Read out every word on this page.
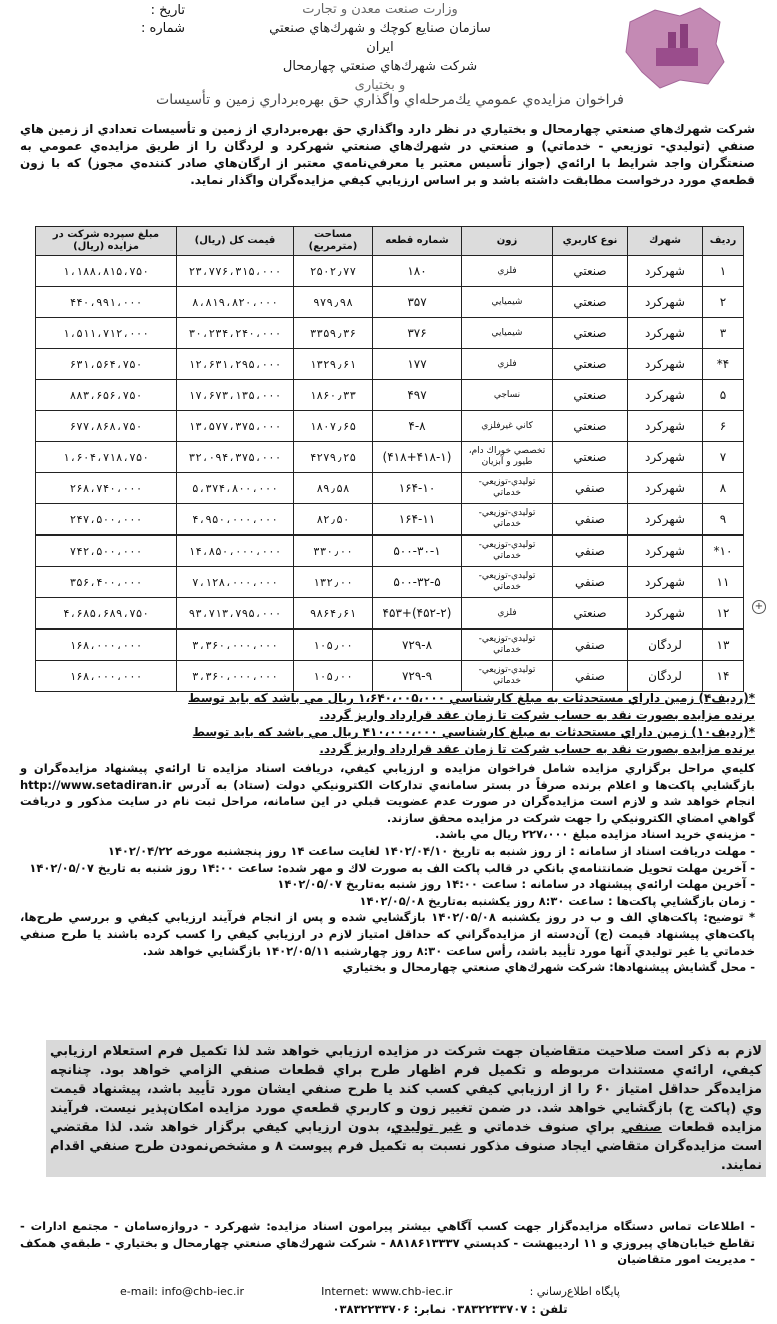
تاریخ :
شماره :
وزارت صنعت معدن و تجارت
سازمان صنایع کوچك و شهرك‌هاي صنعتي
ایران
شركت شهرك‌هاي صنعتي چهارمحال
و بختیاری
فراخوان مزايده‌ي عمومي يك‌مرحله‌اي واگذاري حق بهره‌برداري زمين و تأسيسات
شركت شهرك‌هاي صنعتي چهارمحال و بختياري در نظر دارد واگذاري حق بهره‌برداري از زمين و تأسيسات تعدادي از زمين هاي صنفي (توليدي- توزيعي - خدماتي) و صنعتي در شهرك‌هاي صنعتي شهركرد و لردگان را از طريق مزايده‌ي عمومي به صنعتگران واجد شرايط با ارائه‌ي (جواز تأسيس معتبر يا معرفي‌نامه‌ي معتبر از ارگان‌هاي صادر كننده‌ي مجوز) كه با زون قطعه‌ي مورد درخواست مطابقت داشته باشد و بر اساس ارزيابي كيفي مزايده‌گران واگذار نمايد.
رديف	شهرك	نوع كاربري	زون	شماره قطعه	مساحت (مترمربع)	قيمت كل (ریال)	مبلغ سپرده شركت در مزايده (ریال)
۱	شهركرد	صنعتي	فلزي	۱۸۰	۲۵۰۲٫۷۷	۲۳،۷۷۶،۳۱۵،۰۰۰	۱،۱۸۸،۸۱۵،۷۵۰
۲	شهركرد	صنعتي	شيميايي	۳۵۷	۹۷۹٫۹۸	۸،۸۱۹،۸۲۰،۰۰۰	۴۴۰،۹۹۱،۰۰۰
۳	شهركرد	صنعتي	شيميايي	۳۷۶	۳۳۵۹٫۳۶	۳۰،۲۳۴،۲۴۰،۰۰۰	۱،۵۱۱،۷۱۲،۰۰۰
۴*	شهركرد	صنعتي	فلزي	۱۷۷	۱۳۲۹٫۶۱	۱۲،۶۳۱،۲۹۵،۰۰۰	۶۳۱،۵۶۴،۷۵۰
۵	شهركرد	صنعتي	نساجي	۴۹۷	۱۸۶۰٫۳۳	۱۷،۶۷۳،۱۳۵،۰۰۰	۸۸۳،۶۵۶،۷۵۰
۶	شهركرد	صنعتي	كاني غيرفلزي	۴-۸	۱۸۰۷٫۶۵	۱۳،۵۷۷،۳۷۵،۰۰۰	۶۷۷،۸۶۸،۷۵۰
۷	شهركرد	صنعتي	تخصصي خوراك دام، طيور و آبزيان	(۴۱۸+۴۱۸-۱)	۴۲۷۹٫۲۵	۳۲،۰۹۴،۳۷۵،۰۰۰	۱،۶۰۴،۷۱۸،۷۵۰
۸	شهركرد	صنفي	توليدي-توزيعي- خدماتي	۱۶۴-۱۰	۸۹٫۵۸	۵،۳۷۴،۸۰۰،۰۰۰	۲۶۸،۷۴۰،۰۰۰
۹	شهركرد	صنفي	توليدي-توزيعي- خدماتي	۱۶۴-۱۱	۸۲٫۵۰	۴،۹۵۰،۰۰۰،۰۰۰	۲۴۷،۵۰۰،۰۰۰
۱۰*	شهركرد	صنفي	توليدي-توزيعي- خدماتي	۵۰۰-۳۰-۱	۳۳۰٫۰۰	۱۴،۸۵۰،۰۰۰،۰۰۰	۷۴۲،۵۰۰،۰۰۰
۱۱	شهركرد	صنفي	توليدي-توزيعي- خدماتي	۵۰۰-۳۲-۵	۱۳۲٫۰۰	۷،۱۲۸،۰۰۰،۰۰۰	۳۵۶،۴۰۰،۰۰۰
۱۲	شهركرد	صنعتي	فلزي	(۴۵۲-۲)+۴۵۳	۹۸۶۴٫۶۱	۹۳،۷۱۳،۷۹۵،۰۰۰	۴،۶۸۵،۶۸۹،۷۵۰
۱۳	لردگان	صنفي	توليدي-توزيعي- خدماتي	۷۲۹-۸	۱۰۵٫۰۰	۳،۳۶۰،۰۰۰،۰۰۰	۱۶۸،۰۰۰،۰۰۰
۱۴	لردگان	صنفي	توليدي-توزيعي- خدماتي	۷۲۹-۹	۱۰۵٫۰۰	۳،۳۶۰،۰۰۰،۰۰۰	۱۶۸،۰۰۰،۰۰۰
+
*(رديف۴) زمين داراي مستحدثات به مبلغ كارشناسي ۱،۶۴۰،۰۰۵،۰۰۰ ریال مي باشد كه بايد توسط
برنده مزايده بصورت نقد به حساب شركت تا زمان عقد قرارداد واريز گردد.
*(رديف۱۰) زمين داراي مستحدثات به مبلغ كارشناسي ۴۱۰،۰۰۰،۰۰۰ ریال مي باشد كه بايد توسط
برنده مزايده بصورت نقد به حساب شركت تا زمان عقد قرارداد واريز گردد.

كليه‌ي مراحل برگزاري مزايده شامل فراخوان مزايده و ارزيابي كيفي، دريافت اسناد مزايده تا ارائه‌ي پيشنهاد مزايده‌گران و بازگشايي پاكت‌ها و اعلام برنده صرفاً در بستر سامانه‌ي تداركات الكترونيكي دولت (ستاد) به آدرس http://www.setadiran.ir انجام خواهد شد و لازم است مزايده‌گران در صورت عدم عضويت قبلي در اين سامانه، مراحل ثبت نام در سايت مذكور و دريافت گواهي امضاي الكترونيكي را جهت شركت در مزايده محقق سازند.

- مزينه‌ي خريد اسناد مزايده مبلغ ۲۲۷،۰۰۰ ریال مي باشد.

- مهلت دريافت اسناد از سامانه : از روز شنبه به تاريخ ۱۴۰۲/۰۴/۱۰ لغايت ساعت ۱۴ روز پنجشنبه مورخه ۱۴۰۲/۰۴/۲۲

- آخرين مهلت تحويل ضمانتنامه‌ي بانكي در قالب پاكت الف به صورت لاك و مهر شده: ساعت ۱۴:۰۰ روز شنبه به تاريخ ۱۴۰۲/۰۵/۰۷

- آخرين مهلت ارائه‌ي پيشنهاد در سامانه : ساعت ۱۴:۰۰ روز شنبه به‌تاريخ ۱۴۰۲/۰۵/۰۷

- زمان بازگشايي پاكت‌ها : ساعت ۸:۳۰ روز يكشنبه به‌تاريخ ۱۴۰۲/۰۵/۰۸

* توضيح: پاكت‌هاي الف و ب در روز يكشنبه ۱۴۰۲/۰۵/۰۸ بازگشايي شده و پس از انجام فرآيند ارزيابي كيفي و بررسي طرح‌ها، پاكت‌هاي پيشنهاد قيمت (ج) آن‌دسته از مزايده‌گراني كه حداقل امتياز لازم در ارزيابي كيفي را كسب كرده باشند يا طرح صنفي خدماتي يا غير توليدي آنها مورد تأييد باشد، رأس ساعت ۸:۳۰ روز چهارشنبه ۱۴۰۲/۰۵/۱۱ بازگشايي خواهد شد.

- محل گشايش پيشنهادها: شركت شهرك‌هاي صنعتي چهارمحال و بختياري

لازم به ذكر است صلاحيت متقاضيان جهت شركت در مزايده ارزيابي خواهد شد لذا تكميل فرم استعلام ارزيابي كيفي، ارائه‌ي مستندات مربوطه و تكميل فرم اظهار طرح براي قطعات صنفي الزامي خواهد بود. چنانچه مزايده‌گر حداقل امتياز ۶۰ را از ارزيابي كيفي كسب كند يا طرح صنفي ايشان مورد تأييد باشد، پيشنهاد قيمت وي (پاكت ج) بازگشايي خواهد شد. در ضمن تغيير زون و كاربري قطعه‌ي مورد مزايده امكان‌پذير نيست. فرآيند مزايده قطعات صنفي براي صنوف خدماتي و غير توليدي، بدون ارزيابي كيفي برگزار خواهد شد. لذا مقتضي است مزايده‌گران متقاضي ايجاد صنوف مذكور نسبت به تكميل فرم پيوست ۸ و مشخص‌نمودن طرح صنفي اقدام نمايند.

- اطلاعات تماس دستگاه مزايده‌گزار جهت كسب آگاهي بيشتر پيرامون اسناد مزايده: شهركرد - دروازه‌سامان - مجتمع ادارات - تقاطع خيابان‌هاي پيروزي و ۱۱ ارديبهشت - كدپستي ۸۸۱۸۶۱۳۳۳۷ - شركت شهرك‌هاي صنعتي چهارمحال و بختياري - طبقه‌ي همكف - مديريت امور متقاضيان

e-mail: info@chb-iec.ir	Internet: www.chb-iec.ir	پايگاه اطلاع‌رساني :
تلفن : ۰۳۸۳۲۲۳۳۷۰۷ نمابر: ۰۳۸۳۲۲۳۳۷۰۶
